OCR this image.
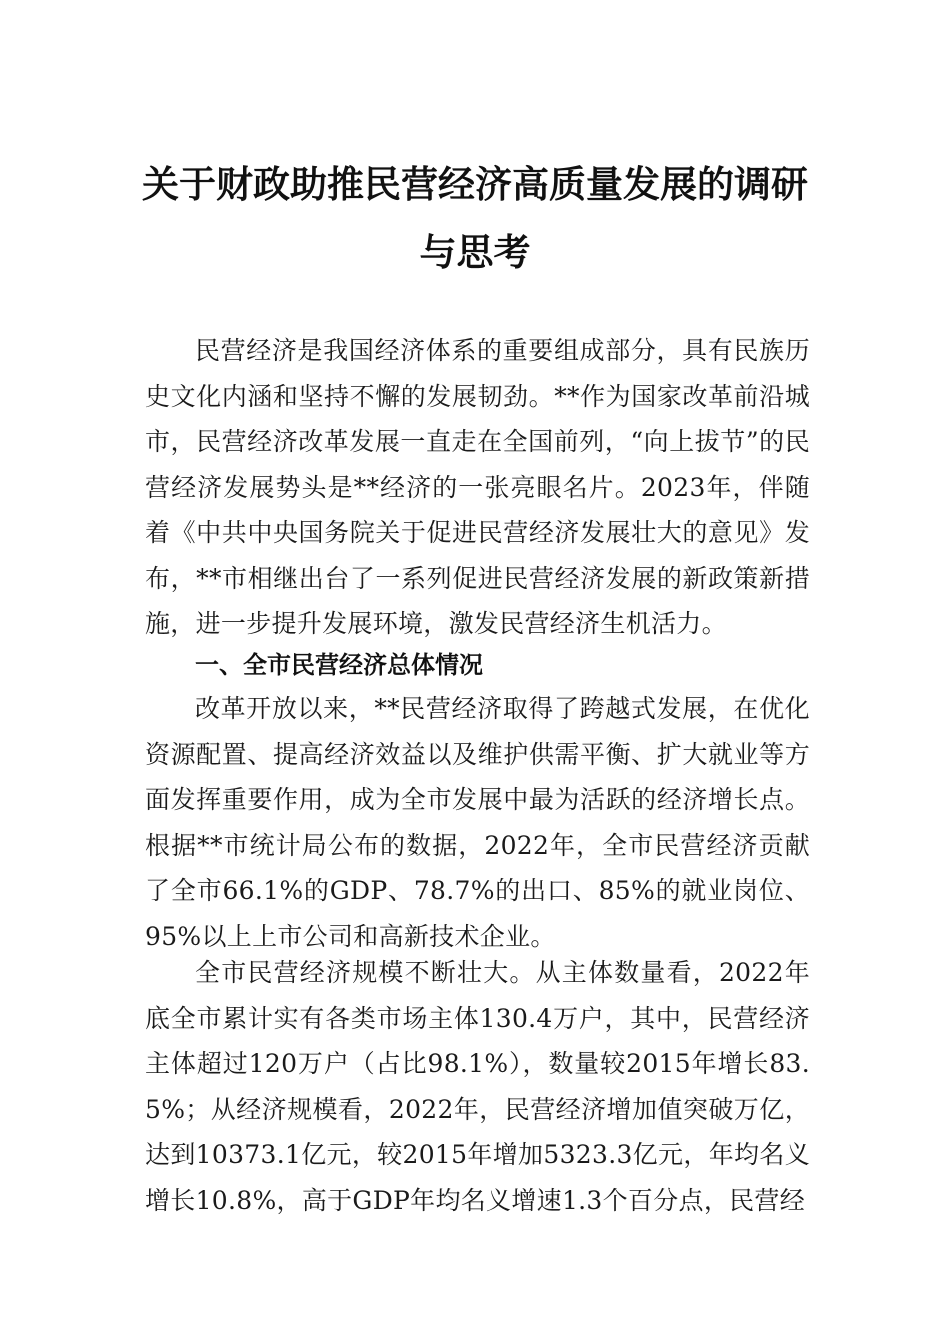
关于财政助推民营经济高质量发展的调研
与思考

民营经济是我国经济体系的重要组成部分，具有民族历史文化内涵和坚持不懈的发展韧劲。**作为国家改革前沿城市，民营经济改革发展一直走在全国前列，“向上拔节”的民营经济发展势头是**经济的一张亮眼名片。2023年，伴随着《中共中央国务院关于促进民营经济发展壮大的意见》发布，**市相继出台了一系列促进民营经济发展的新政策新措施，进一步提升发展环境，激发民营经济生机活力。

一、全市民营经济总体情况

改革开放以来，**民营经济取得了跨越式发展，在优化资源配置、提高经济效益以及维护供需平衡、扩大就业等方面发挥重要作用，成为全市发展中最为活跃的经济增长点。根据**市统计局公布的数据，2022年，全市民营经济贡献了全市66.1%的GDP、78.7%的出口、85%的就业岗位、95%以上上市公司和高新技术企业。

全市民营经济规模不断壮大。从主体数量看，2022年底全市累计实有各类市场主体130.4万户，其中，民营经济主体超过120万户（占比98.1%），数量较2015年增长83.5%；从经济规模看，2022年，民营经济增加值突破万亿，达到10373.1亿元，较2015年增加5323.3亿元，年均名义增长10.8%，高于GDP年均名义增速1.3个百分点，民营经
